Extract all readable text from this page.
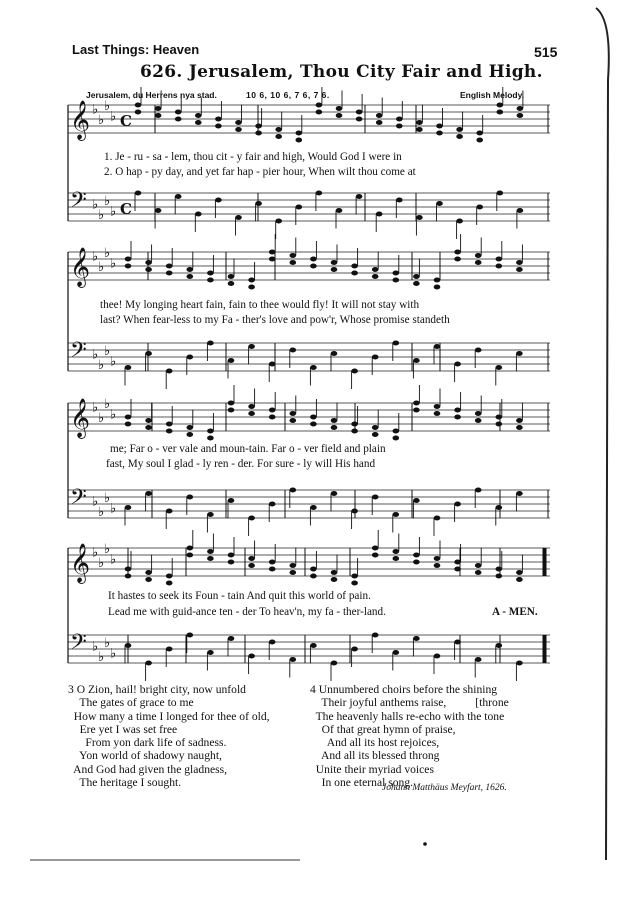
Last Things: Heaven	515
626. Jerusalem, Thou City Fair and High.
Jerusalem, du Herrens nya stad.	10 6, 10 6, 7 6, 7 6.	English Melody.
𝄞 ♭
♭
♭
♭ C
𝄢 ♭
♭
♭
♭ C
𝄞 ♭
♭
♭
♭
𝄢 ♭
♭
♭
♭
𝄞 ♭
♭
♭
♭
𝄢 ♭
♭
♭
♭
𝄞 ♭
♭
♭
♭
𝄢 ♭
♭
♭
♭
1. Je - ru - sa - lem, thou cit - y fair and high, Would God I were in
2. O hap - py day, and yet far hap - pier hour, When wilt thou come at
thee! My longing heart fain, fain to thee would fly! It will not stay with
last? When fear-less to my Fa - ther's love and pow'r, Whose promise standeth
me; Far o - ver vale and moun-tain. Far o - ver field and plain
fast, My soul I glad - ly ren - der. For sure - ly will His hand
It hastes to seek its Foun - tain And quit this world of pain.
Lead me with guid-ance ten - der To heav'n, my fa - ther-land.	A - MEN.
3 O Zion, hail! bright city, now unfold
The gates of grace to me
How many a time I longed for thee of old,
Ere yet I was set free
From yon dark life of sadness.
Yon world of shadowy naught,
And God had given the gladness,
The heritage I sought.
4 Unnumbered choirs before the shining
Their joyful anthems raise,          [throne
The heavenly halls re-echo with the tone
Of that great hymn of praise,
And all its host rejoices,
And all its blessed throng
Unite their myriad voices
In one eternal song.
Johann Matthäus Meyfart, 1626.
